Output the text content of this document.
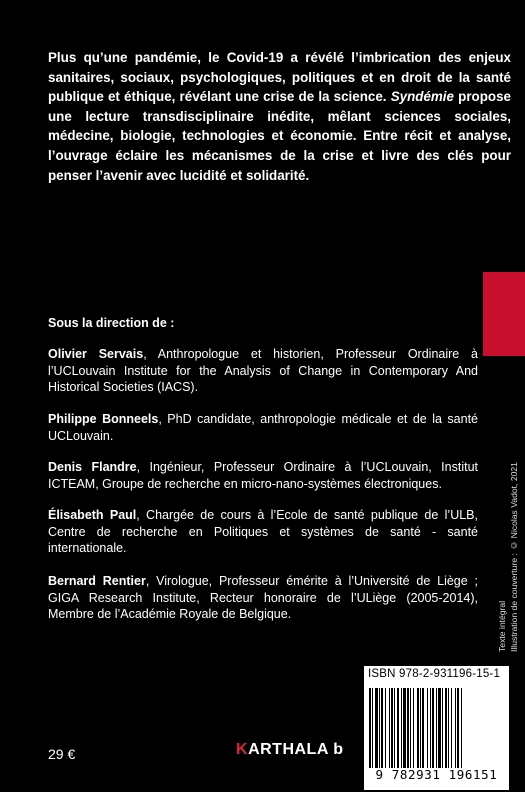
Plus qu’une pandémie, le Covid-19 a révélé l’imbrication des enjeux sanitaires, sociaux, psychologiques, politiques et en droit de la santé publique et éthique, révélant une crise de la science. Syndémie propose une lecture transdisciplinaire inédite, mêlant sciences sociales, médecine, biologie, technologies et économie. Entre récit et analyse, l’ouvrage éclaire les mécanismes de la crise et livre des clés pour penser l’avenir avec lucidité et solidarité.

Sous la direction de :

Olivier Servais, Anthropologue et historien, Professeur Ordinaire à l’UCLouvain Institute for the Analysis of Change in Contemporary And Historical Societies (IACS).

Philippe Bonneels, PhD candidate, anthropologie médicale et de la santé UCLouvain.

Denis Flandre, Ingénieur, Professeur Ordinaire à l’UCLouvain, Institut ICTEAM, Groupe de recherche en micro-nano-systèmes électroniques.

Élisabeth Paul, Chargée de cours à l’Ecole de santé publique de l’ULB, Centre de recherche en Politiques et systèmes de santé - santé internationale.

Bernard Rentier, Virologue, Professeur émérite à l’Université de Liège ; GIGA Research Institute, Recteur honoraire de l’ULiège (2005-2014), Membre de l’Académie Royale de Belgique.	Texte intégral Illustration de couverture : © Nicolas Vadot, 2021
ISBN 978-2-931196-15-1
9 782931 196151
29 €	KARTHALA b
